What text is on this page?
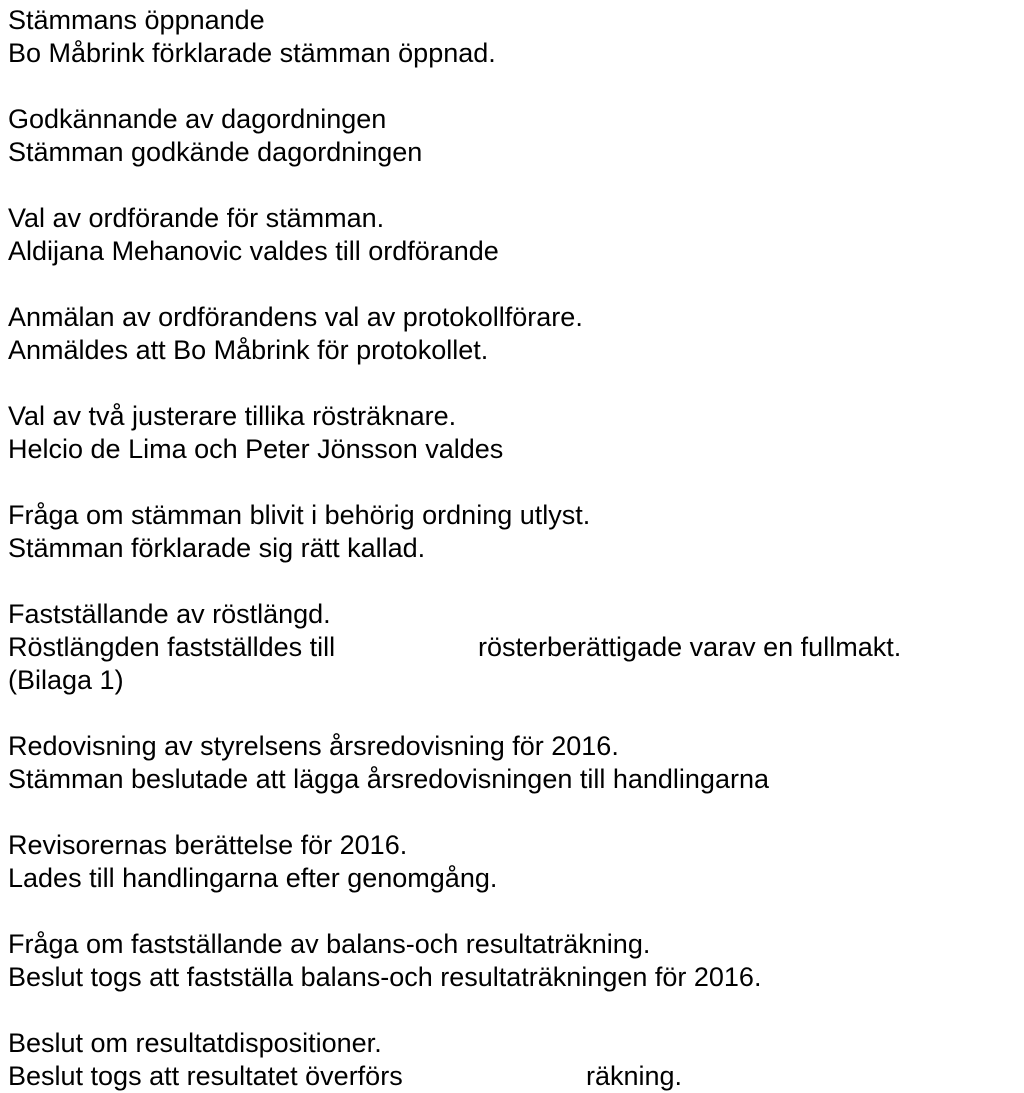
Stämmans öppnande
Bo Måbrink förklarade stämman öppnad.
Godkännande av dagordningen
Stämman godkände dagordningen
Val av ordförande för stämman.
Aldijana Mehanovic valdes till ordförande
Anmälan av ordförandens val av protokollförare.
Anmäldes att Bo Måbrink för protokollet.
Val av två justerare tillika rösträknare.
Helcio de Lima och Peter Jönsson valdes
Fråga om stämman blivit i behörig ordning utlyst.
Stämman förklarade sig rätt kallad.
Fastställande av röstlängd.
Röstlängden fastställdes till	rösterberättigade varav en fullmakt.
(Bilaga 1)
Redovisning av styrelsens årsredovisning för 2016.
Stämman beslutade att lägga årsredovisningen till handlingarna
Revisorernas berättelse för 2016.
Lades till handlingarna efter genomgång.
Fråga om fastställande av balans-och resultaträkning.
Beslut togs att fastställa balans-och resultaträkningen för 2016.
Beslut om resultatdispositioner.
Beslut togs att resultatet överförs	räkning.
